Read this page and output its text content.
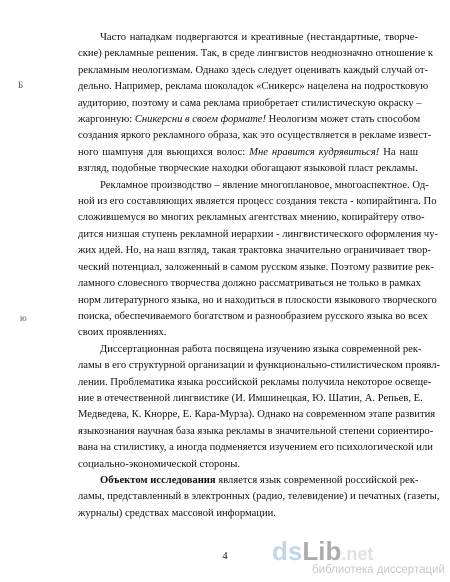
Часто нападкам подвергаются и креативные (нестандартные, творче-
ские) рекламные решения. Так, в среде лингвистов неоднозначно отношение к
рекламным неологизмам. Однако здесь следует оценивать каждый случай от-
дельно. Например, реклама шоколадок «Сникерс» нацелена на подростковую
аудиторию, поэтому и сама реклама приобретает стилистическую окраску –
жаргонную: Сникерсни в своем формате! Неологизм может стать способом
создания яркого рекламного образа, как это осуществляется в рекламе извест-
ного шампуня для вьющихся волос: Мне нравится кудрявиться! На наш
взгляд, подобные творческие находки обогащают языковой пласт рекламы.
Рекламное производство – явление многоплановое, многоаспектное. Од-
ной из его составляющих является процесс создания текста - копирайтинга. По
сложившемуся во многих рекламных агентствах мнению, копирайтеру отво-
дится низшая ступень рекламной иерархии - лингвистического оформления чу-
жих идей. Но, на наш взгляд, такая трактовка значительно ограничивает твор-
ческий потенциал, заложенный в самом русском языке. Поэтому развитие рек-
ламного словесного творчества должно рассматриваться не только в рамках
норм литературного языка, но и находиться в плоскости языкового творческого
поиска, обеспечиваемого богатством и разнообразием русского языка во всех
своих проявлениях.
Диссертационная работа посвящена изучению языка современной рек-
ламы в его структурной организации и функционально-стилистическом проявл-
лении. Проблематика языка российской рекламы получила некоторое освеще-
ние в отечественной лингвистике (И. Имшинецкая, Ю. Шатин, А. Репьев, Е.
Медведева, К. Кнорре, Е. Кара-Мурза). Однако на современном этапе развития
языкознания научная база языка рекламы в значительной степени сориентиро-
вана на стилистику, а иногда подменяется изучением его психологической или
социально-экономической стороны.
Объектом исследования является язык современной российской рек-
ламы, представленный в электронных (радио, телевидение) и печатных (газеты,
журналы) средствах массовой информации.
Б
ю
4	dsLib.net
библиотека диссертаций
